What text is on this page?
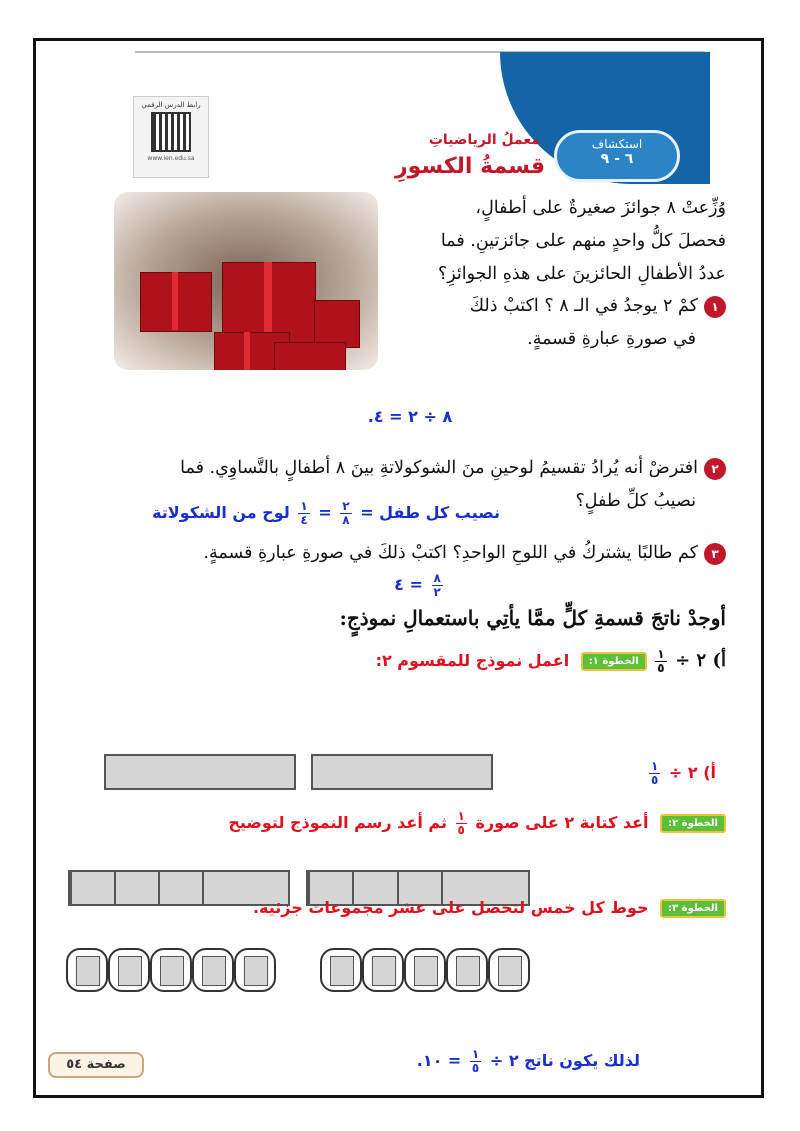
استكشاف
٦ - ٩
معملُ الرياضياتِ
قسمةُ الكسورِ
رابط الدرس الرقمي
www.ien.edu.sa
وُزِّعتْ ٨ جوائزَ صغيرةٌ على أطفالٍ،
فحصلَ كلُّ واحدٍ منهم على جائزتينِ. فما
عددُ الأطفالِ الحائزينَ على هذهِ الجوائزِ؟
١كمْ ٢ يوجدُ في الـ ٨ ؟ اكتبْ ذلكَ
في صورةِ عبارةِ قسمةٍ.
٨ ÷ ٢ = ٤.
٢افترضْ أنه يُرادُ تقسيمُ لوحينِ منَ الشوكولاتةِ بينَ ٨ أطفالٍ بالتَّساوِي. فما
نصيبُ كلِّ طفلٍ؟
نصيب كل طفل =
$\frac{٢}{٨}$
=
$\frac{١}{٤}$
لوح من الشكولاتة
٣كم طالبًا يشتركُ في اللوحِ الواحدِ؟ اكتبْ ذلكَ في صورةِ عبارةِ قسمةٍ.
$\frac{٨}{٢}$
= ٤
أوجدْ ناتجَ قسمةِ كلٍّ ممَّا يأتِي باستعمالِ نموذجٍ:
أ) ٢ ÷
$\frac{١}{٥}$
الخطوة ١: اعمل نموذج للمقسوم ٢:
أ) ٢ ÷
$\frac{١}{٥}$
الخطوة ٢: أعد كتابة ٢ على صورة
$\frac{١}{٥}$
ثم أعد رسم النموذج لتوضيح
الخطوة ٣: حوط كل خمس لتحصل على عشر مجموعات جزئية.
لذلك يكون ناتج ٢ ÷
$\frac{١}{٥}$
= ١٠.
صفحة ٥٤
